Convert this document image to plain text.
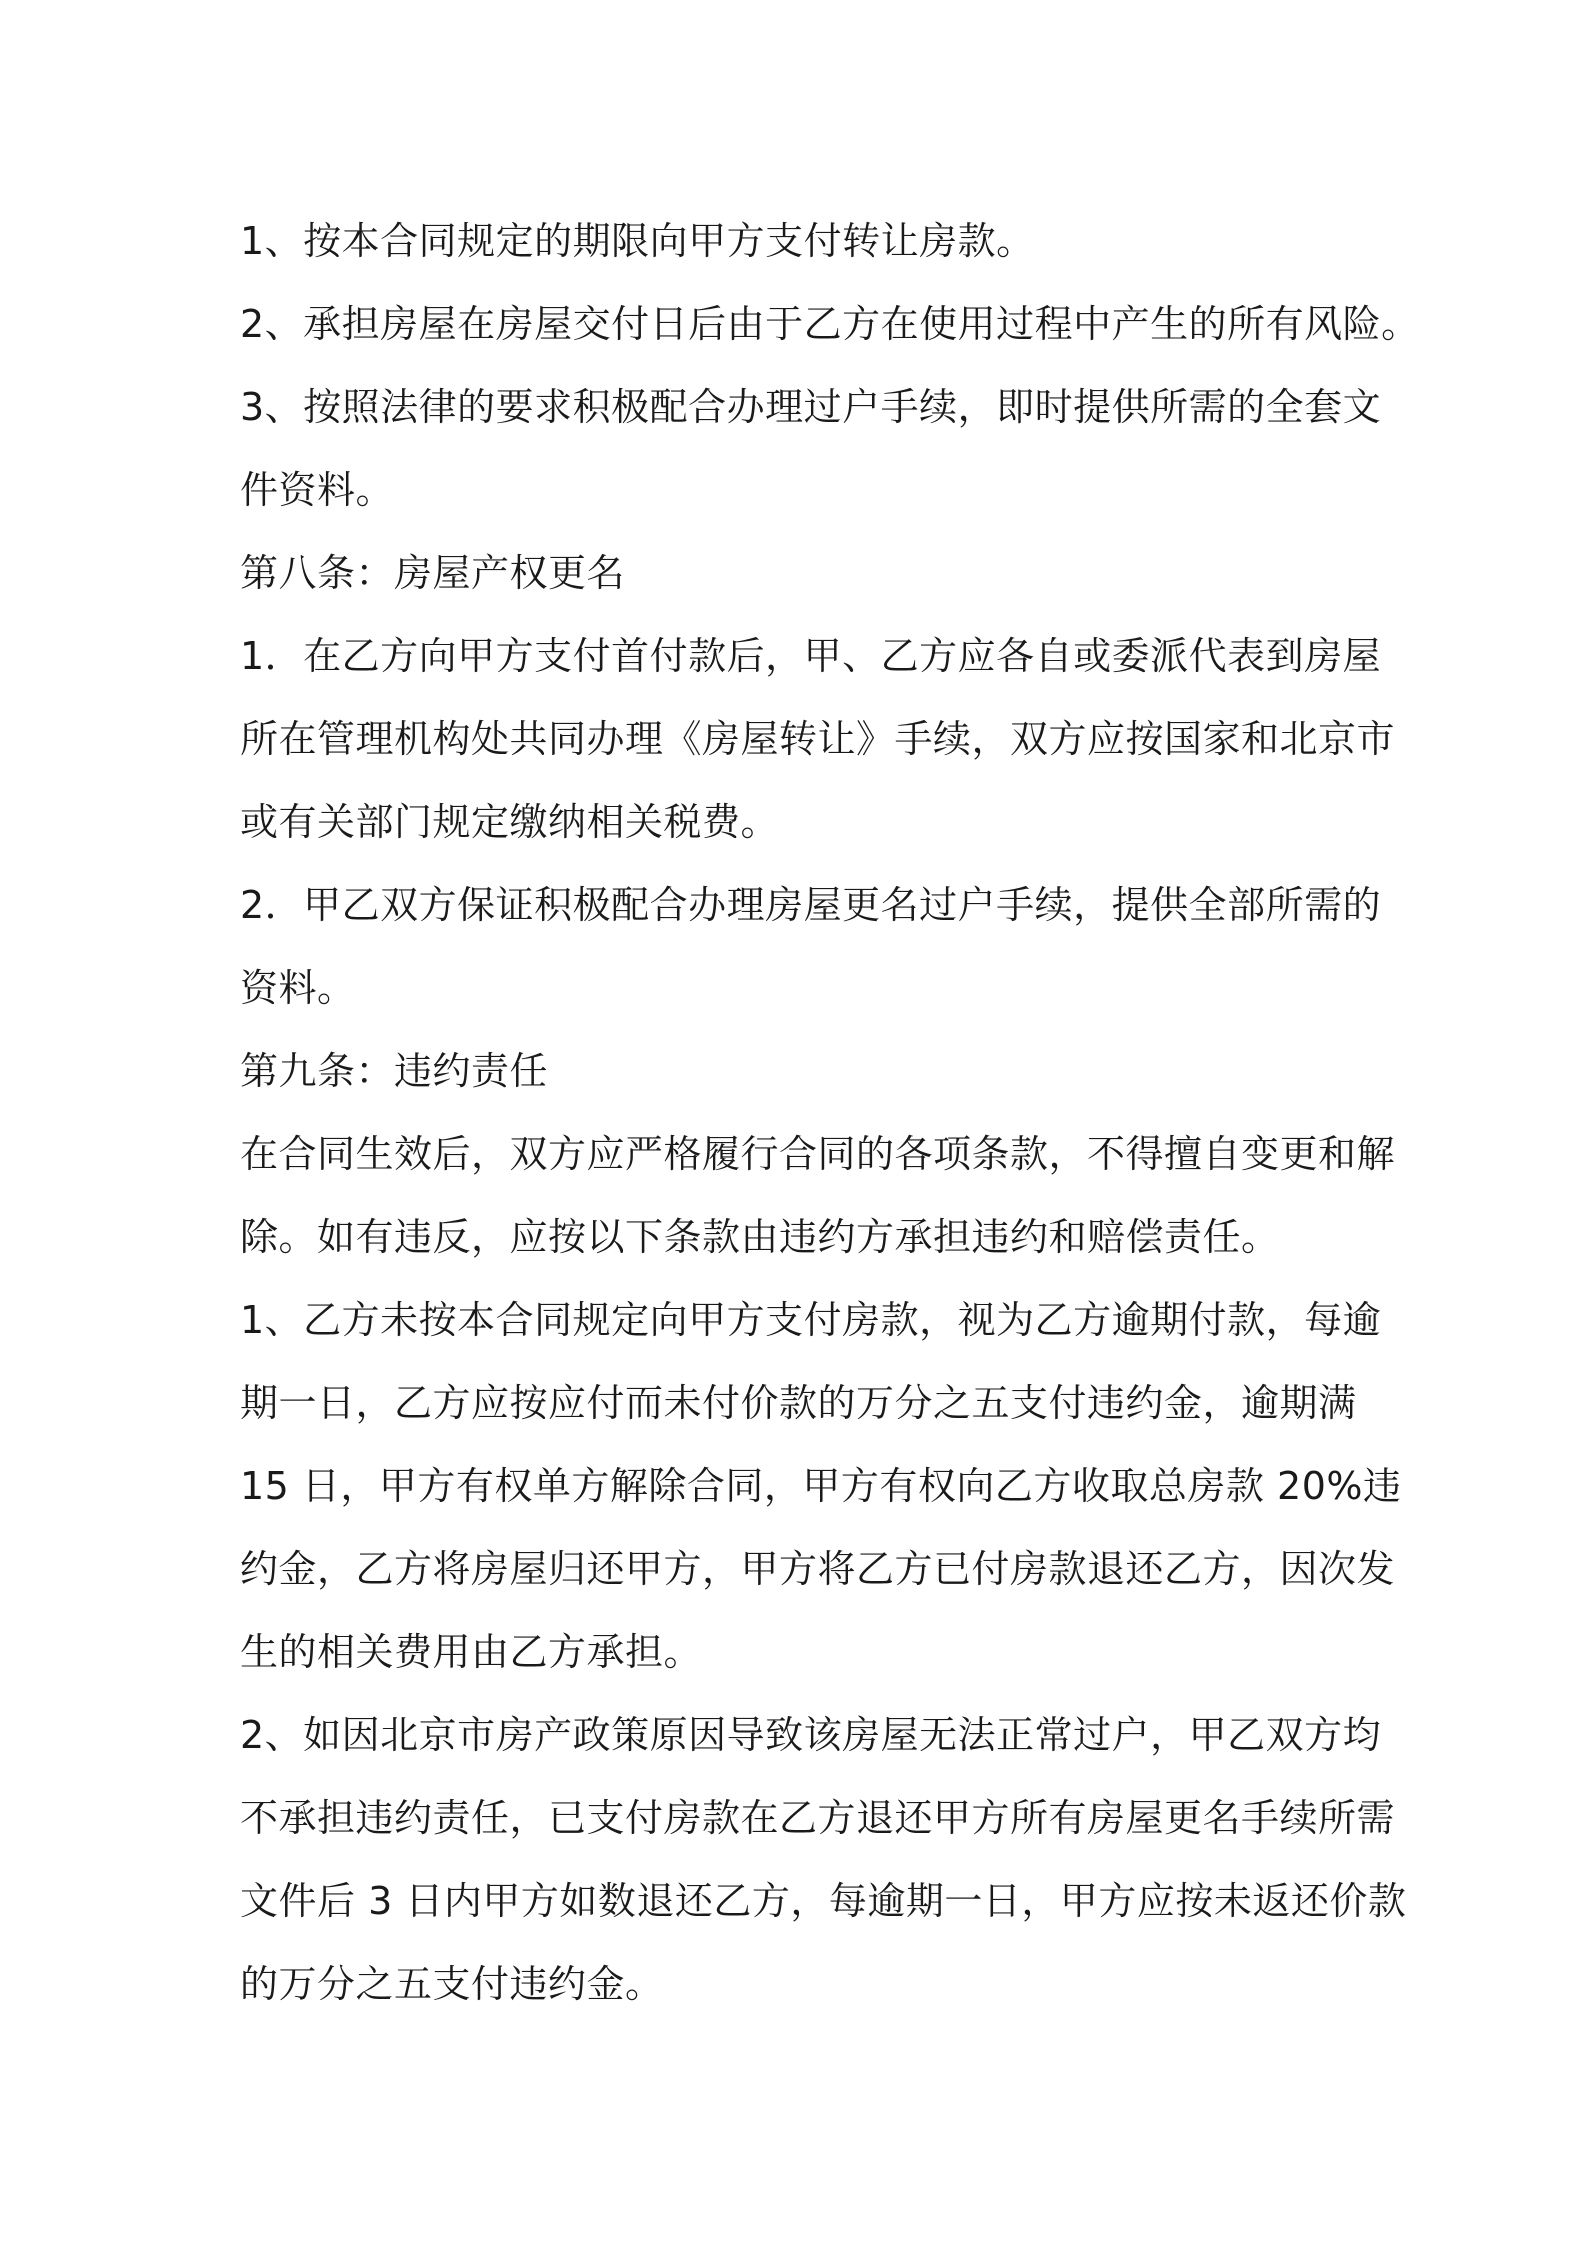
1、按本合同规定的期限向甲方支付转让房款。
2、承担房屋在房屋交付日后由于乙方在使用过程中产生的所有风险。
3、按照法律的要求积极配合办理过户手续，即时提供所需的全套文
件资料。
第八条：房屋产权更名
1．在乙方向甲方支付首付款后，甲、乙方应各自或委派代表到房屋
所在管理机构处共同办理《房屋转让》手续，双方应按国家和北京市
或有关部门规定缴纳相关税费。
2．甲乙双方保证积极配合办理房屋更名过户手续，提供全部所需的
资料。
第九条：违约责任
在合同生效后，双方应严格履行合同的各项条款，不得擅自变更和解
除。如有违反，应按以下条款由违约方承担违约和赔偿责任。
1、乙方未按本合同规定向甲方支付房款，视为乙方逾期付款，每逾
期一日，乙方应按应付而未付价款的万分之五支付违约金，逾期满
15 日，甲方有权单方解除合同，甲方有权向乙方收取总房款 20%违
约金，乙方将房屋归还甲方，甲方将乙方已付房款退还乙方，因次发
生的相关费用由乙方承担。
2、如因北京市房产政策原因导致该房屋无法正常过户，甲乙双方均
不承担违约责任，已支付房款在乙方退还甲方所有房屋更名手续所需
文件后 3 日内甲方如数退还乙方，每逾期一日，甲方应按未返还价款
的万分之五支付违约金。
